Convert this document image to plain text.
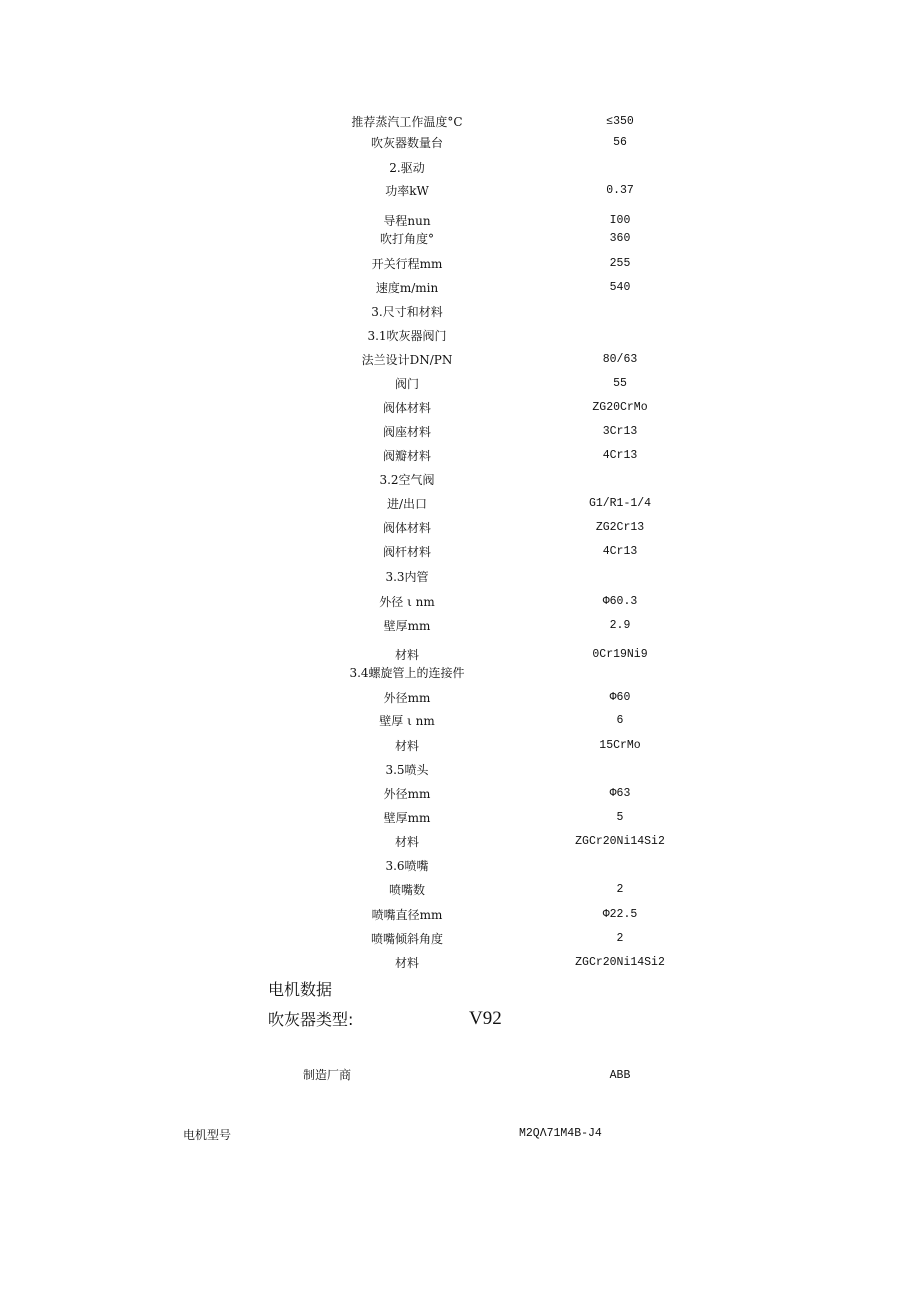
推荐蒸汽工作温度°C	≤350
吹灰器数量台	56
2.驱动
功率kW	0.37
导程nun	I00
吹打角度°	360
开关行程mm	255
速度m/min	540
3.尺寸和材料
3.1吹灰器阀门
法兰设计DN/PN	80/63
阀门	55
阀体材料	ZG20CrMo
阀座材料	3Cr13
阀瓣材料	4Cr13
3.2空气阀
进/出口	G1/R1-1/4
阀体材料	ZG2Cr13
阀杆材料	4Cr13
3.3内管
外径 ι nm	Φ60.3
壁厚mm	2.9
材料	0Cr19Ni9
3.4螺旋管上的连接件
外径mm	Φ60
壁厚 ι nm	6
材料	15CrMo
3.5喷头
外径mm	Φ63
壁厚mm	5
材料	ZGCr20Ni14Si2
3.6喷嘴
喷嘴数	2
喷嘴直径mm	Φ22.5
喷嘴倾斜角度	2
材料	ZGCr20Ni14Si2
电机数据
吹灰器类型:	V92
制造厂商	ABB
电机型号	M2QΛ71M4B-J4
